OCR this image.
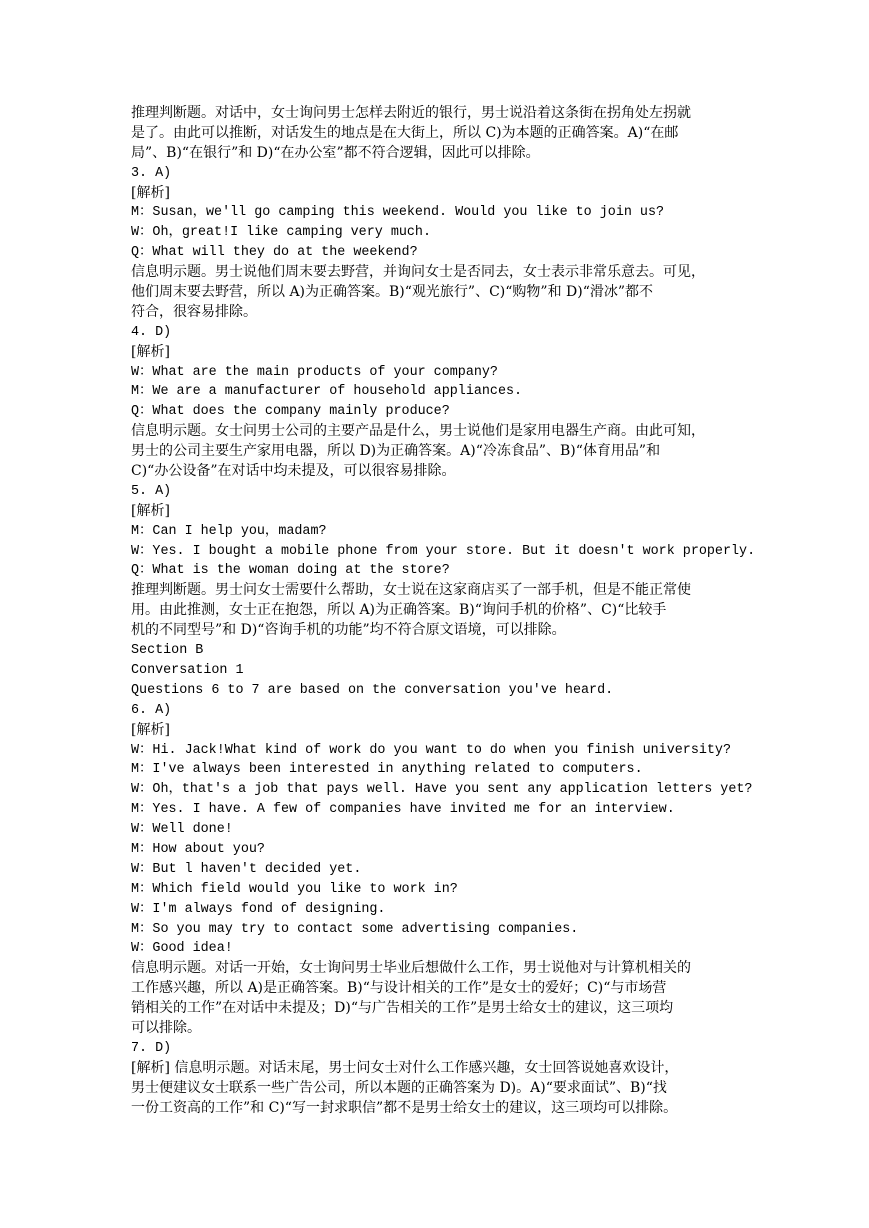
推理判断题。对话中，女士询问男士怎样去附近的银行，男士说沿着这条街在拐角处左拐就
是了。由此可以推断，对话发生的地点是在大街上，所以 C)为本题的正确答案。A)“在邮
局”、B)“在银行”和 D)“在办公室”都不符合逻辑，因此可以排除。
3. A)
[解析]
M：Susan，we'll go camping this weekend. Would you like to join us?
W：Oh，great!I like camping very much.
Q：What will they do at the weekend?
信息明示题。男士说他们周末要去野营，并询问女士是否同去，女士表示非常乐意去。可见，
他们周末要去野营，所以 A)为正确答案。B)“观光旅行”、C)“购物”和 D)“滑冰”都不
符合，很容易排除。
4. D)
[解析]
W：What are the main products of your company?
M：We are a manufacturer of household appliances.
Q：What does the company mainly produce?
信息明示题。女士问男士公司的主要产品是什么，男士说他们是家用电器生产商。由此可知，
男士的公司主要生产家用电器，所以 D)为正确答案。A)“冷冻食品”、B)“体育用品”和
C)“办公设备”在对话中均未提及，可以很容易排除。
5. A)
[解析]
M：Can I help you，madam?
W：Yes. I bought a mobile phone from your store. But it doesn't work properly.
Q：What is the woman doing at the store?
推理判断题。男士问女士需要什么帮助，女士说在这家商店买了一部手机，但是不能正常使
用。由此推测，女士正在抱怨，所以 A)为正确答案。B)“询问手机的价格”、C)“比较手
机的不同型号”和 D)“咨询手机的功能”均不符合原文语境，可以排除。
Section B
Conversation 1
Questions 6 to 7 are based on the conversation you've heard.
6. A)
[解析]
W：Hi. Jack!What kind of work do you want to do when you finish university?
M：I've always been interested in anything related to computers.
W：Oh，that's a job that pays well. Have you sent any application letters yet?
M：Yes. I have. A few of companies have invited me for an interview.
W：Well done!
M：How about you?
W：But l haven't decided yet.
M：Which field would you like to work in?
W：I'm always fond of designing.
M：So you may try to contact some advertising companies.
W：Good idea!
信息明示题。对话一开始，女士询问男士毕业后想做什么工作，男士说他对与计算机相关的
工作感兴趣，所以 A)是正确答案。B)“与设计相关的工作”是女士的爱好；C)“与市场营
销相关的工作”在对话中未提及；D)“与广告相关的工作”是男士给女士的建议，这三项均
可以排除。
7. D)
[解析] 信息明示题。对话末尾，男士问女士对什么工作感兴趣，女士回答说她喜欢设计，
男士便建议女士联系一些广告公司，所以本题的正确答案为 D)。A)“要求面试”、B)“找
一份工资高的工作”和 C)“写一封求职信”都不是男士给女士的建议，这三项均可以排除。
